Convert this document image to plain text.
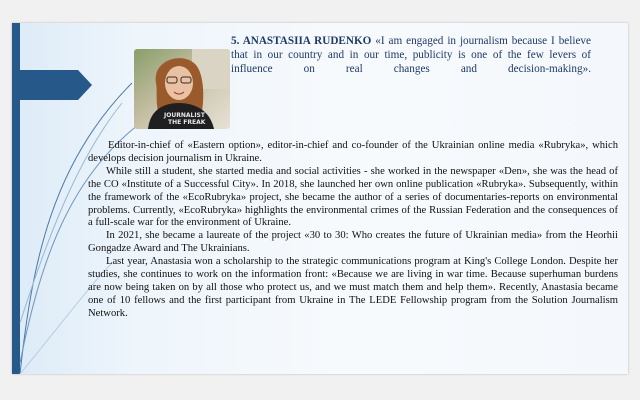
JOURNALIST
THE FREAK
5. ANASTASIIA RUDENKO «I am engaged in journalism because I believe that in our country and in our time, publicity is one of the few levers of influence on real changes and decision-making».

Editor-in-chief of «Eastern option», editor-in-chief and co-founder of the Ukrainian online media «Rubryka», which develops decision journalism in Ukraine.

While still a student, she started media and social activities - she worked in the newspaper «Den», she was the head of the CO «Institute of a Successful City». In 2018, she launched her own online publication «Rubryka». Subsequently, within the framework of the «EcoRubryka» project, she became the author of a series of documentaries-reports on environmental problems. Currently, «EcoRubryka» highlights the environmental crimes of the Russian Federation and the consequences of a full-scale war for the environment of Ukraine.

In 2021, she became a laureate of the project «30 to 30: Who creates the future of Ukrainian media» from the Heorhii Gongadze Award and The Ukrainians.

Last year, Anastasia won a scholarship to the strategic communications program at King's College London. Despite her studies, she continues to work on the information front: «Because we are living in war time. Because superhuman burdens are now being taken on by all those who protect us, and we must match them and help them». Recently, Anastasia became one of 10 fellows and the first participant from Ukraine in The LEDE Fellowship program from the Solution Journalism Network.
